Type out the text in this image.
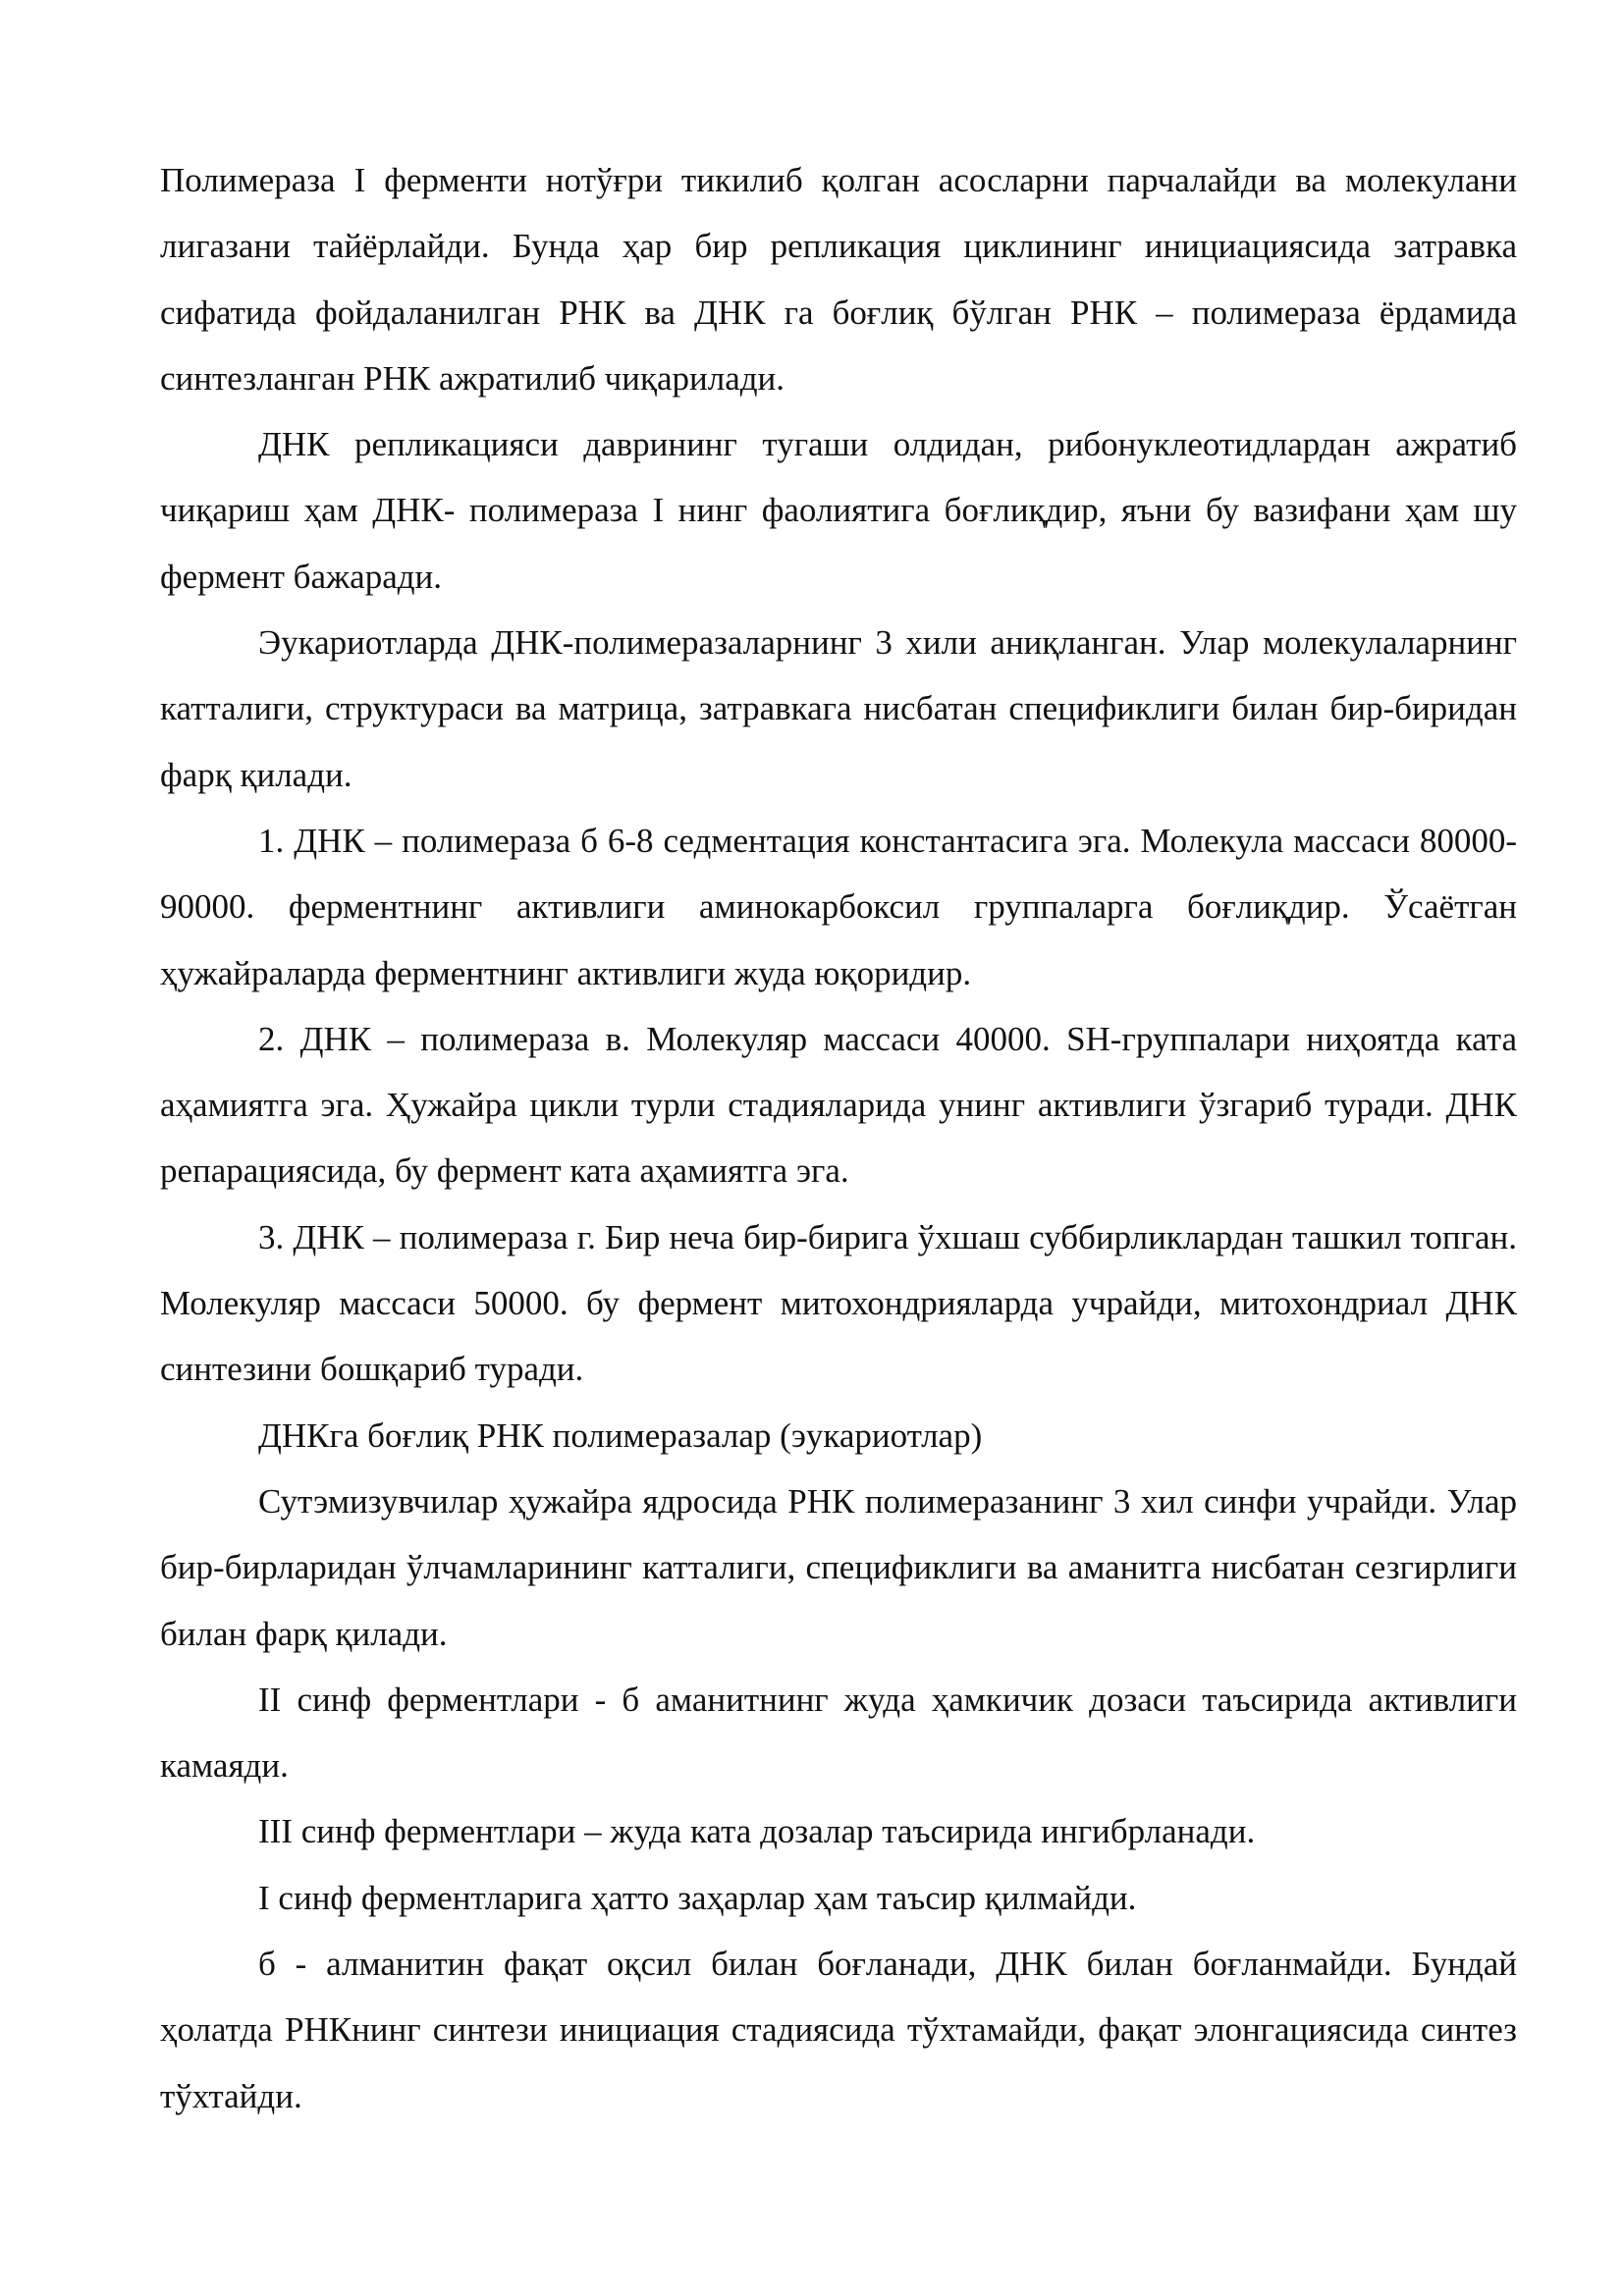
Полимераза I ферменти нотўғри тикилиб қолган асосларни парчалайди ва молекулани лигазани тайёрлайди. Бунда ҳар бир репликация циклининг инициациясида затравка сифатида фойдаланилган РНК ва ДНК га боғлиқ бўлган РНК – полимераза ёрдамида синтезланган РНК ажратилиб чиқарилади.

ДНК репликацияси даврининг тугаши олдидан, рибонуклеотидлардан ажратиб чиқариш ҳам ДНК- полимераза I нинг фаолиятига боғлиқдир, яъни бу вазифани ҳам шу фермент бажаради.

Эукариотларда ДНК-полимеразаларнинг 3 хили аниқланган. Улар молекулаларнинг катталиги, структураси ва матрица, затравкага нисбатан спецификлиги билан бир-биридан фарқ қилади.

1. ДНК – полимераза б 6-8 седментация константасига эга. Молекула массаси 80000-90000. ферментнинг активлиги аминокарбоксил группаларга боғлиқдир. Ўсаётган ҳужайраларда ферментнинг активлиги жуда юқоридир.

2. ДНК – полимераза в. Молекуляр массаси 40000. SH-группалари ниҳоятда ката аҳамиятга эга. Ҳужайра цикли турли стадияларида унинг активлиги ўзгариб туради. ДНК репарациясида, бу фермент ката аҳамиятга эга.

3. ДНК – полимераза г. Бир неча бир-бирига ўхшаш суббирликлардан ташкил топган. Молекуляр массаси 50000. бу фермент митохондрияларда учрайди, митохондриал ДНК синтезини бошқариб туради.

ДНКга боғлиқ РНК полимеразалар (эукариотлар)

Сутэмизувчилар ҳужайра ядросида РНК полимеразанинг 3 хил синфи учрайди. Улар бир-бирларидан ўлчамларининг катталиги, спецификлиги ва аманитга нисбатан сезгирлиги билан фарқ қилади.

II синф ферментлари - б аманитнинг жуда ҳамкичик дозаси таъсирида активлиги камаяди.

III синф ферментлари – жуда ката дозалар таъсирида ингибрланади.

I синф ферментларига ҳатто заҳарлар ҳам таъсир қилмайди.

б - алманитин фақат оқсил билан боғланади, ДНК билан боғланмайди. Бундай ҳолатда РНКнинг синтези инициация стадиясида тўхтамайди, фақат элонгациясида синтез тўхтайди.
